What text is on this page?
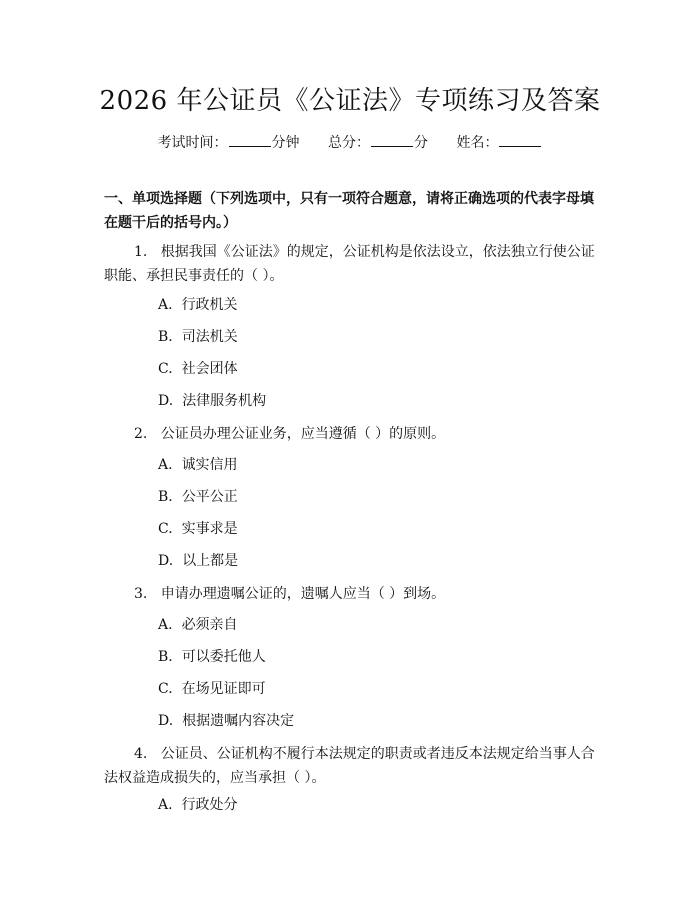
2026 年公证员《公证法》专项练习及答案
考试时间：	分钟 总分：	分 姓名：
一、单项选择题（下列选项中，只有一项符合题意，请将正确选项的代表字母填在题干后的括号内。）
1. 根据我国《公证法》的规定，公证机构是依法设立，依法独立行使公证职能、承担民事责任的（ ）。
A. 行政机关
B. 司法机关
C. 社会团体
D. 法律服务机构
2. 公证员办理公证业务，应当遵循（ ）的原则。
A. 诚实信用
B. 公平公正
C. 实事求是
D. 以上都是
3. 申请办理遗嘱公证的，遗嘱人应当（ ）到场。
A. 必须亲自
B. 可以委托他人
C. 在场见证即可
D. 根据遗嘱内容决定
4. 公证员、公证机构不履行本法规定的职责或者违反本法规定给当事人合法权益造成损失的，应当承担（ ）。
A. 行政处分
